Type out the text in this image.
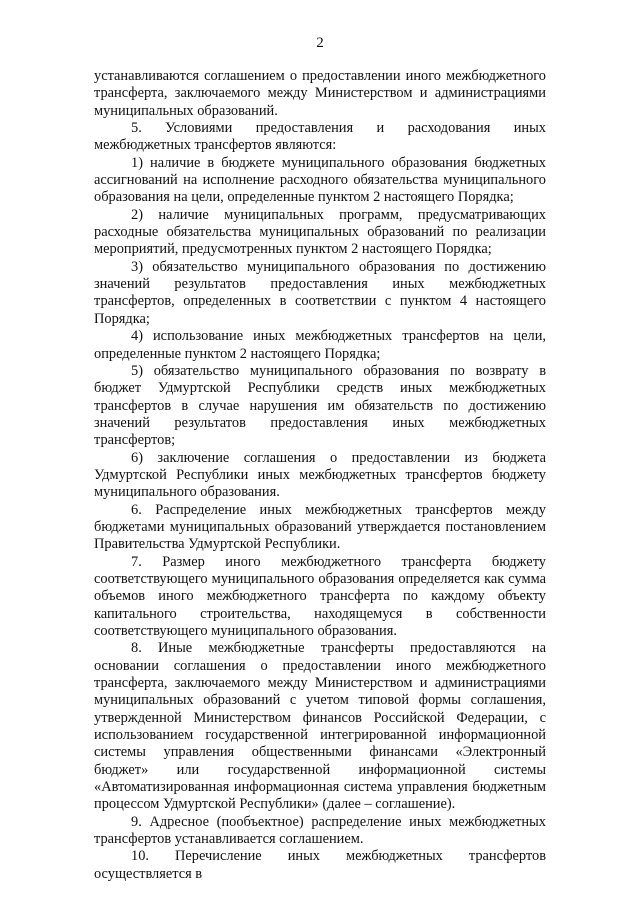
2

устанавливаются соглашением о предоставлении иного межбюджетного трансферта, заключаемого между Министерством и администрациями муниципальных образований.

5. Условиями предоставления и расходования иных межбюджетных трансфертов являются:

1) наличие в бюджете муниципального образования бюджетных ассигнований на исполнение расходного обязательства муниципального образования на цели, определенные пунктом 2 настоящего Порядка;

2) наличие муниципальных программ, предусматривающих расходные обязательства муниципальных образований по реализации мероприятий, предусмотренных пунктом 2 настоящего Порядка;

3) обязательство муниципального образования по достижению значений результатов предоставления иных межбюджетных трансфертов, определенных в соответствии с пунктом 4 настоящего Порядка;

4) использование иных межбюджетных трансфертов на цели, определенные пунктом 2 настоящего Порядка;

5) обязательство муниципального образования по возврату в бюджет Удмуртской Республики средств иных межбюджетных трансфертов в случае нарушения им обязательств по достижению значений результатов предоставления иных межбюджетных трансфертов;

6) заключение соглашения о предоставлении из бюджета Удмуртской Республики иных межбюджетных трансфертов бюджету муниципального образования.

6. Распределение иных межбюджетных трансфертов между бюджетами муниципальных образований утверждается постановлением Правительства Удмуртской Республики.

7. Размер иного межбюджетного трансферта бюджету соответствующего муниципального образования определяется как сумма объемов иного межбюджетного трансферта по каждому объекту капитального строительства, находящемуся в собственности соответствующего муниципального образования.

8. Иные межбюджетные трансферты предоставляются на основании соглашения о предоставлении иного межбюджетного трансферта, заключаемого между Министерством и администрациями муниципальных образований с учетом типовой формы соглашения, утвержденной Министерством финансов Российской Федерации, с использованием государственной интегрированной информационной системы управления общественными финансами «Электронный бюджет» или государственной информационной системы «Автоматизированная информационная система управления бюджетным процессом Удмуртской Республики» (далее – соглашение).

9. Адресное (пообъектное) распределение иных межбюджетных трансфертов устанавливается соглашением.

10. Перечисление иных межбюджетных трансфертов осуществляется в
